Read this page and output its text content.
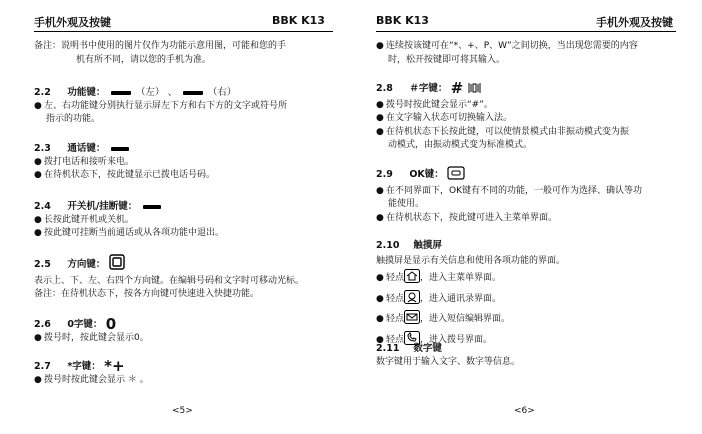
手机外观及按键	BBK K13
备注：说明书中使用的图片仅作为功能示意用图，可能和您的手
机有所不同，请以您的手机为准。
2.2 功能键：	（左） 、	（右）
● 左、右功能键分别执行显示屏左下方和右下方的文字或符号所
指示的功能。
2.3 通话键：
● 拨打电话和接听来电。
● 在待机状态下，按此键显示已拨电话号码。
2.4 开关机/挂断键：
● 长按此键开机或关机。
● 按此键可挂断当前通话或从各项功能中退出。
2.5 方向键：
表示上、下、左、右四个方向键。在编辑号码和文字时可移动光标。
备注：在待机状态下，按各方向键可快速进入快捷功能。
2.6 0字键： 0
● 拨号时，按此键会显示0。
2.7 *字键： *+
● 拨号时按此键会显示 ＊ 。
<5>
BBK K13	手机外观及按键
● 连续按该键可在“*、+、P、W”之间切换，当出现您需要的内容
时，松开按键即可将其输入。
2.8 ＃字键： #
● 拨号时按此键会显示“#”。
● 在文字输入状态可切换输入法。
● 在待机状态下长按此键，可以使情景模式由非振动模式变为振
动模式，由振动模式变为标准模式。
2.9 OK键：
● 在不同界面下，OK键有不同的功能，一般可作为选择、确认等功
能使用。
● 在待机状态下，按此键可进入主菜单界面。
2.10 触摸屏
触摸屏是显示有关信息和使用各项功能的界面。
● 轻点 ，进入主菜单界面。
● 轻点 ，进入通讯录界面。
● 轻点 ，进入短信编辑界面。
● 轻点 ，进入拨号界面。
2.11 数字键
数字键用于输入文字、数字等信息。
<6>
